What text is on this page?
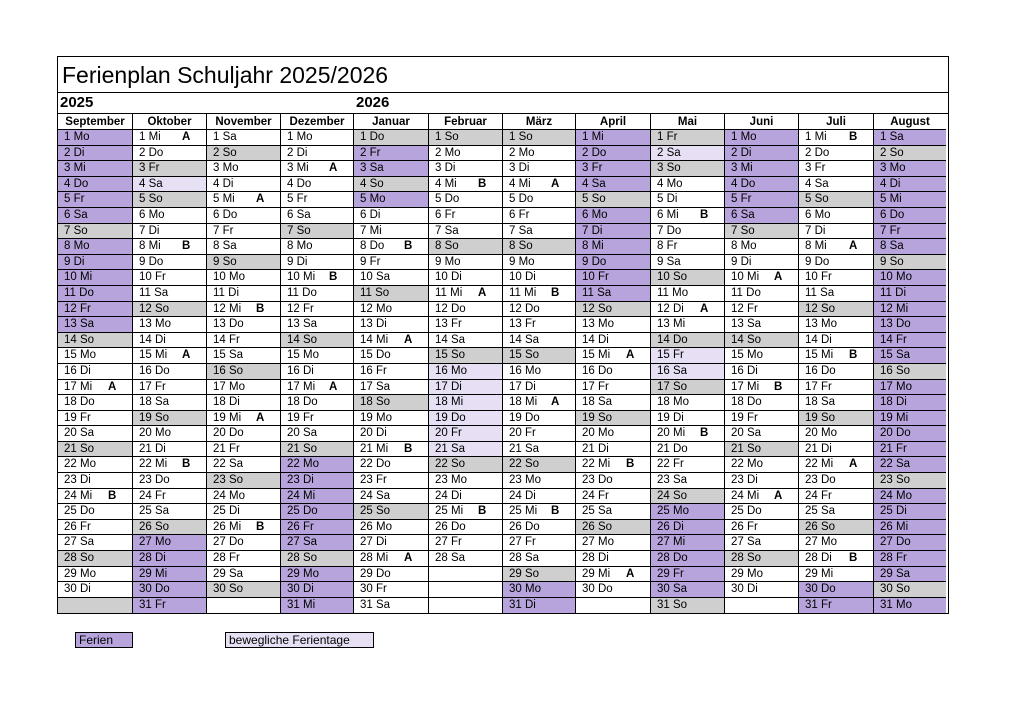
Ferienplan Schuljahr 2025/2026
2025	2026
September
1 Mo
2 Di
3 Mi
4 Do
5 Fr
6 Sa
7 So
8 Mo
9 Di
10 Mi
11 Do
12 Fr
13 Sa
14 So
15 Mo
16 Di
17 Mi A
18 Do
19 Fr
20 Sa
21 So
22 Mo
23 Di
24 Mi B
25 Do
26 Fr
27 Sa
28 So
29 Mo
30 Di
Oktober
1 Mi A
2 Do
3 Fr
4 Sa
5 So
6 Mo
7 Di
8 Mi B
9 Do
10 Fr
11 Sa
12 So
13 Mo
14 Di
15 Mi A
16 Do
17 Fr
18 Sa
19 So
20 Mo
21 Di
22 Mi B
23 Do
24 Fr
25 Sa
26 So
27 Mo
28 Di
29 Mi
30 Do
31 Fr
November
1 Sa
2 So
3 Mo
4 Di
5 Mi A
6 Do
7 Fr
8 Sa
9 So
10 Mo
11 Di
12 Mi B
13 Do
14 Fr
15 Sa
16 So
17 Mo
18 Di
19 Mi A
20 Do
21 Fr
22 Sa
23 So
24 Mo
25 Di
26 Mi B
27 Do
28 Fr
29 Sa
30 So
Dezember
1 Mo
2 Di
3 Mi A
4 Do
5 Fr
6 Sa
7 So
8 Mo
9 Di
10 Mi B
11 Do
12 Fr
13 Sa
14 So
15 Mo
16 Di
17 Mi A
18 Do
19 Fr
20 Sa
21 So
22 Mo
23 Di
24 Mi
25 Do
26 Fr
27 Sa
28 So
29 Mo
30 Di
31 Mi
Januar
1 Do
2 Fr
3 Sa
4 So
5 Mo
6 Di
7 Mi
8 Do B
9 Fr
10 Sa
11 So
12 Mo
13 Di
14 Mi A
15 Do
16 Fr
17 Sa
18 So
19 Mo
20 Di
21 Mi B
22 Do
23 Fr
24 Sa
25 So
26 Mo
27 Di
28 Mi A
29 Do
30 Fr
31 Sa
Februar
1 So
2 Mo
3 Di
4 Mi B
5 Do
6 Fr
7 Sa
8 So
9 Mo
10 Di
11 Mi A
12 Do
13 Fr
14 Sa
15 So
16 Mo
17 Di
18 Mi
19 Do
20 Fr
21 Sa
22 So
23 Mo
24 Di
25 Mi B
26 Do
27 Fr
28 Sa
März
1 So
2 Mo
3 Di
4 Mi A
5 Do
6 Fr
7 Sa
8 So
9 Mo
10 Di
11 Mi B
12 Do
13 Fr
14 Sa
15 So
16 Mo
17 Di
18 Mi A
19 Do
20 Fr
21 Sa
22 So
23 Mo
24 Di
25 Mi B
26 Do
27 Fr
28 Sa
29 So
30 Mo
31 Di
April
1 Mi
2 Do
3 Fr
4 Sa
5 So
6 Mo
7 Di
8 Mi
9 Do
10 Fr
11 Sa
12 So
13 Mo
14 Di
15 Mi A
16 Do
17 Fr
18 Sa
19 So
20 Mo
21 Di
22 Mi B
23 Do
24 Fr
25 Sa
26 So
27 Mo
28 Di
29 Mi A
30 Do
Mai
1 Fr
2 Sa
3 So
4 Mo
5 Di
6 Mi B
7 Do
8 Fr
9 Sa
10 So
11 Mo
12 Di A
13 Mi
14 Do
15 Fr
16 Sa
17 So
18 Mo
19 Di
20 Mi B
21 Do
22 Fr
23 Sa
24 So
25 Mo
26 Di
27 Mi
28 Do
29 Fr
30 Sa
31 So
Juni
1 Mo
2 Di
3 Mi
4 Do
5 Fr
6 Sa
7 So
8 Mo
9 Di
10 Mi A
11 Do
12 Fr
13 Sa
14 So
15 Mo
16 Di
17 Mi B
18 Do
19 Fr
20 Sa
21 So
22 Mo
23 Di
24 Mi A
25 Do
26 Fr
27 Sa
28 So
29 Mo
30 Di
Juli
1 Mi B
2 Do
3 Fr
4 Sa
5 So
6 Mo
7 Di
8 Mi A
9 Do
10 Fr
11 Sa
12 So
13 Mo
14 Di
15 Mi B
16 Do
17 Fr
18 Sa
19 So
20 Mo
21 Di
22 Mi A
23 Do
24 Fr
25 Sa
26 So
27 Mo
28 Di B
29 Mi
30 Do
31 Fr
August
1 Sa
2 So
3 Mo
4 Di
5 Mi
6 Do
7 Fr
8 Sa
9 So
10 Mo
11 Di
12 Mi
13 Do
14 Fr
15 Sa
16 So
17 Mo
18 Di
19 Mi
20 Do
21 Fr
22 Sa
23 So
24 Mo
25 Di
26 Mi
27 Do
28 Fr
29 Sa
30 So
31 Mo
Ferien	bewegliche Ferientage
